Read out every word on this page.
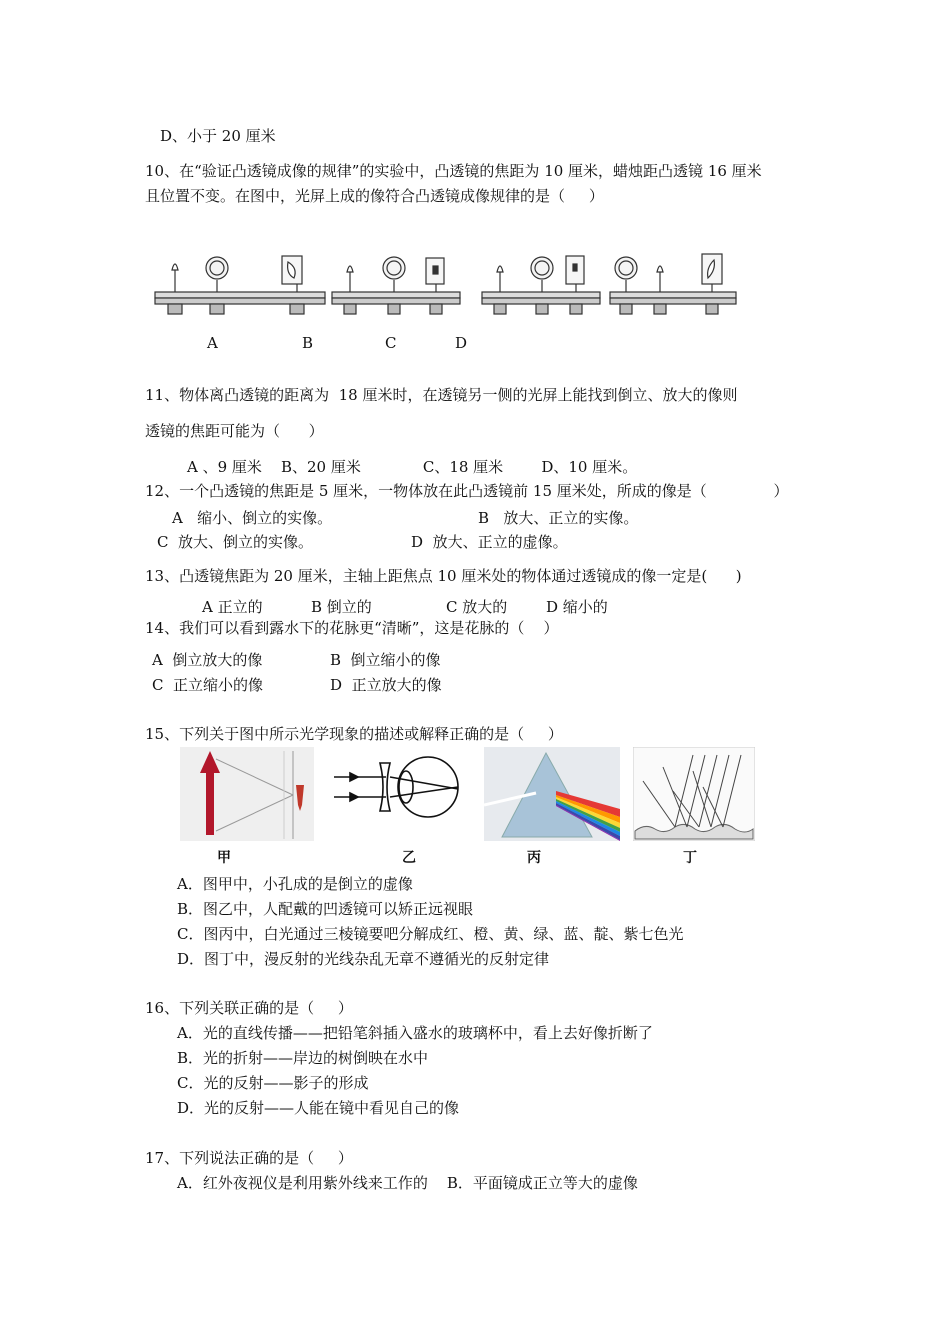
D、小于 20 厘米
10、在“验证凸透镜成像的规律”的实验中，凸透镜的焦距为 10 厘米，蜡烛距凸透镜 16 厘米
且位置不变。在图中，光屏上成的像符合凸透镜成像规律的是（     ）
A	B	C	D
11、物体离凸透镜的距离为  18 厘米时，在透镜另一侧的光屏上能找到倒立、放大的像则
透镜的焦距可能为（      ）
A 、9 厘米    B、20 厘米             C、18 厘米        D、10 厘米。
12、一个凸透镜的焦距是 5 厘米，一物体放在此凸透镜前 15 厘米处，所成的像是（              ）
A   缩小、倒立的实像。	B   放大、正立的实像。
C  放大、倒立的实像。	D  放大、正立的虚像。
13、凸透镜焦距为 20 厘米，主轴上距焦点 10 厘米处的物体通过透镜成的像一定是(      )
A 正立的	B 倒立的	C 放大的	D 缩小的
14、我们可以看到露水下的花脉更“清晰”，这是花脉的（    ）
A  倒立放大的像	B  倒立缩小的像
C  正立缩小的像	D  正立放大的像
15、下列关于图中所示光学现象的描述或解释正确的是（     ）
甲	乙	丙	丁
A．图甲中，小孔成的是倒立的虚像
B．图乙中，人配戴的凹透镜可以矫正远视眼
C．图丙中，白光通过三棱镜要吧分解成红、橙、黄、绿、蓝、靛、紫七色光
D．图丁中，漫反射的光线杂乱无章不遵循光的反射定律
16、下列关联正确的是（     ）
A．光的直线传播——把铅笔斜插入盛水的玻璃杯中，看上去好像折断了
B．光的折射——岸边的树倒映在水中
C．光的反射——影子的形成
D．光的反射——人能在镜中看见自己的像
17、下列说法正确的是（     ）
A．红外夜视仪是利用紫外线来工作的    B．平面镜成正立等大的虚像
